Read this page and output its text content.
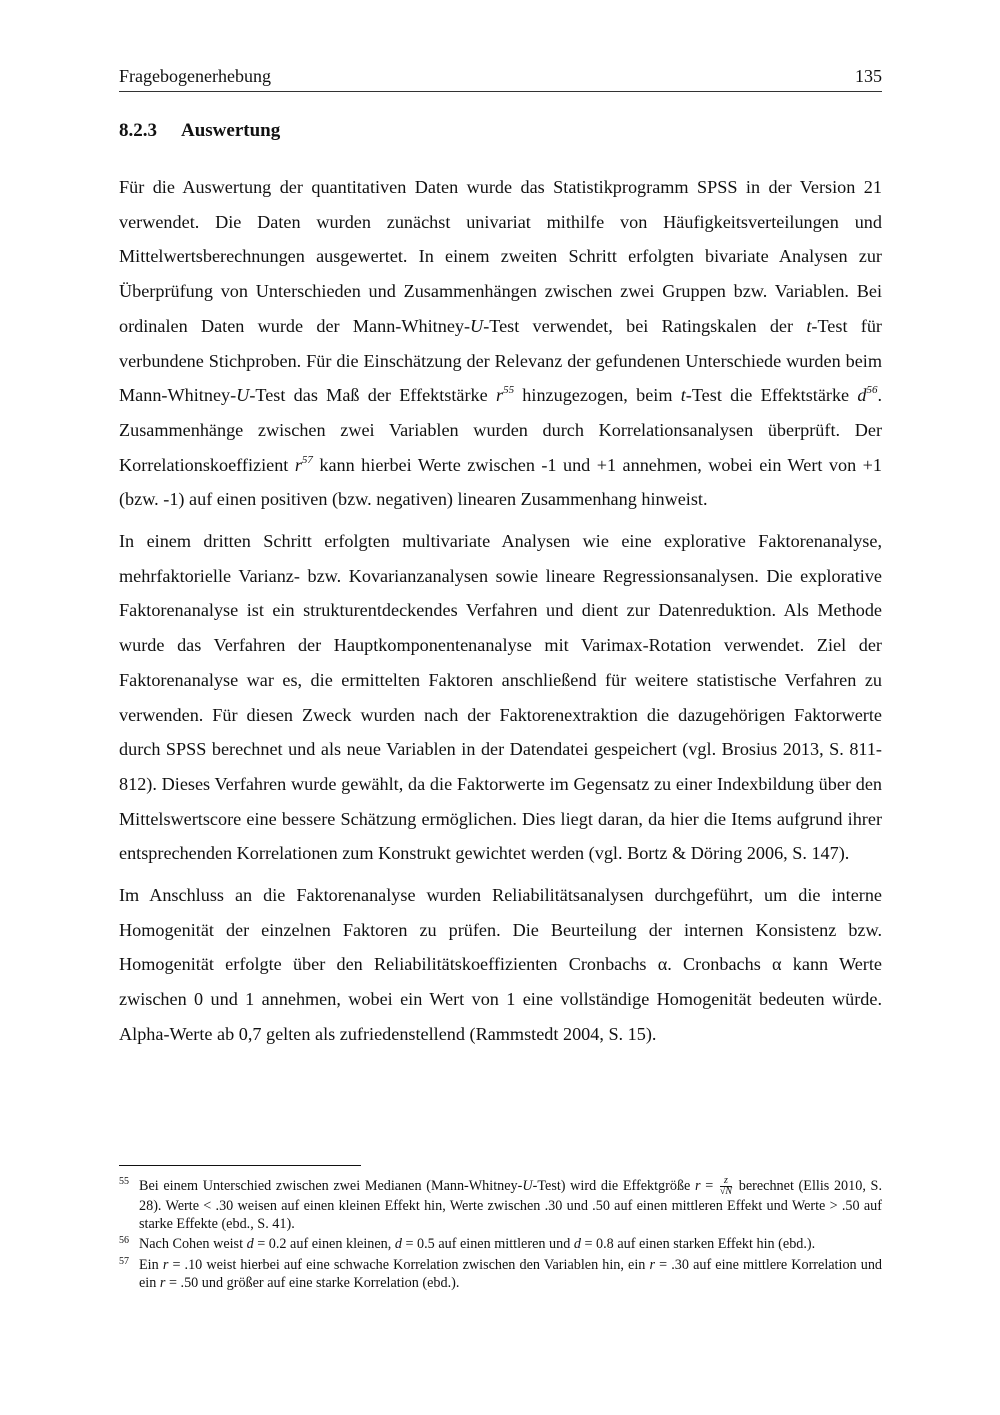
Fragebogenerhebung	135
8.2.3 Auswertung

Für die Auswertung der quantitativen Daten wurde das Statistikprogramm SPSS in der Version 21 verwendet. Die Daten wurden zunächst univariat mithilfe von Häufigkeitsverteilungen und Mittelwertsberechnungen ausgewertet. In einem zweiten Schritt erfolgten bivariate Analysen zur Überprüfung von Unterschieden und Zusammenhängen zwischen zwei Gruppen bzw. Variablen. Bei ordinalen Daten wurde der Mann-Whitney-U-Test verwendet, bei Ratingskalen der t-Test für verbundene Stichproben. Für die Einschätzung der Relevanz der gefundenen Unterschiede wurden beim Mann-Whitney-U-Test das Maß der Effektstärke $r^{55}$ hinzugezogen, beim t-Test die Effektstärke $d^{56}$. Zusammenhänge zwischen zwei Variablen wurden durch Korrelationsanalysen überprüft. Der Korrelationskoeffizient $r^{57}$ kann hierbei Werte zwischen -1 und +1 annehmen, wobei ein Wert von +1 (bzw. -1) auf einen positiven (bzw. negativen) linearen Zusammenhang hinweist.

In einem dritten Schritt erfolgten multivariate Analysen wie eine explorative Faktorenanalyse, mehrfaktorielle Varianz- bzw. Kovarianzanalysen sowie lineare Regressionsanalysen. Die explorative Faktorenanalyse ist ein strukturentdeckendes Verfahren und dient zur Datenreduktion. Als Methode wurde das Verfahren der Hauptkomponentenanalyse mit Varimax-Rotation verwendet. Ziel der Faktorenanalyse war es, die ermittelten Faktoren anschließend für weitere statistische Verfahren zu verwenden. Für diesen Zweck wurden nach der Faktorenextraktion die dazugehörigen Faktorwerte durch SPSS berechnet und als neue Variablen in der Datendatei gespeichert (vgl. Brosius 2013, S. 811-812). Dieses Verfahren wurde gewählt, da die Faktorwerte im Gegensatz zu einer Indexbildung über den Mittelswertscore eine bessere Schätzung ermöglichen. Dies liegt daran, da hier die Items aufgrund ihrer entsprechenden Korrelationen zum Konstrukt gewichtet werden (vgl. Bortz & Döring 2006, S. 147).

Im Anschluss an die Faktorenanalyse wurden Reliabilitätsanalysen durchgeführt, um die interne Homogenität der einzelnen Faktoren zu prüfen. Die Beurteilung der internen Konsistenz bzw. Homogenität erfolgte über den Reliabilitätskoeffizienten Cronbachs α. Cronbachs α kann Werte zwischen 0 und 1 annehmen, wobei ein Wert von 1 eine vollständige Homogenität bedeuten würde. Alpha-Werte ab 0,7 gelten als zufriedenstellend (Rammstedt 2004, S. 15).

55 Bei einem Unterschied zwischen zwei Medianen (Mann-Whitney-U-Test) wird die Effektgröße $r = \frac{z}{√N}$ berechnet (Ellis 2010, S. 28). Werte < .30 weisen auf einen kleinen Effekt hin, Werte zwischen .30 und .50 auf einen mittleren Effekt und Werte > .50 auf starke Effekte (ebd., S. 41).
56 Nach Cohen weist d = 0.2 auf einen kleinen, d = 0.5 auf einen mittleren und d = 0.8 auf einen starken Effekt hin (ebd.).
57 Ein r = .10 weist hierbei auf eine schwache Korrelation zwischen den Variablen hin, ein r = .30 auf eine mittlere Korrelation und ein r = .50 und größer auf eine starke Korrelation (ebd.).
